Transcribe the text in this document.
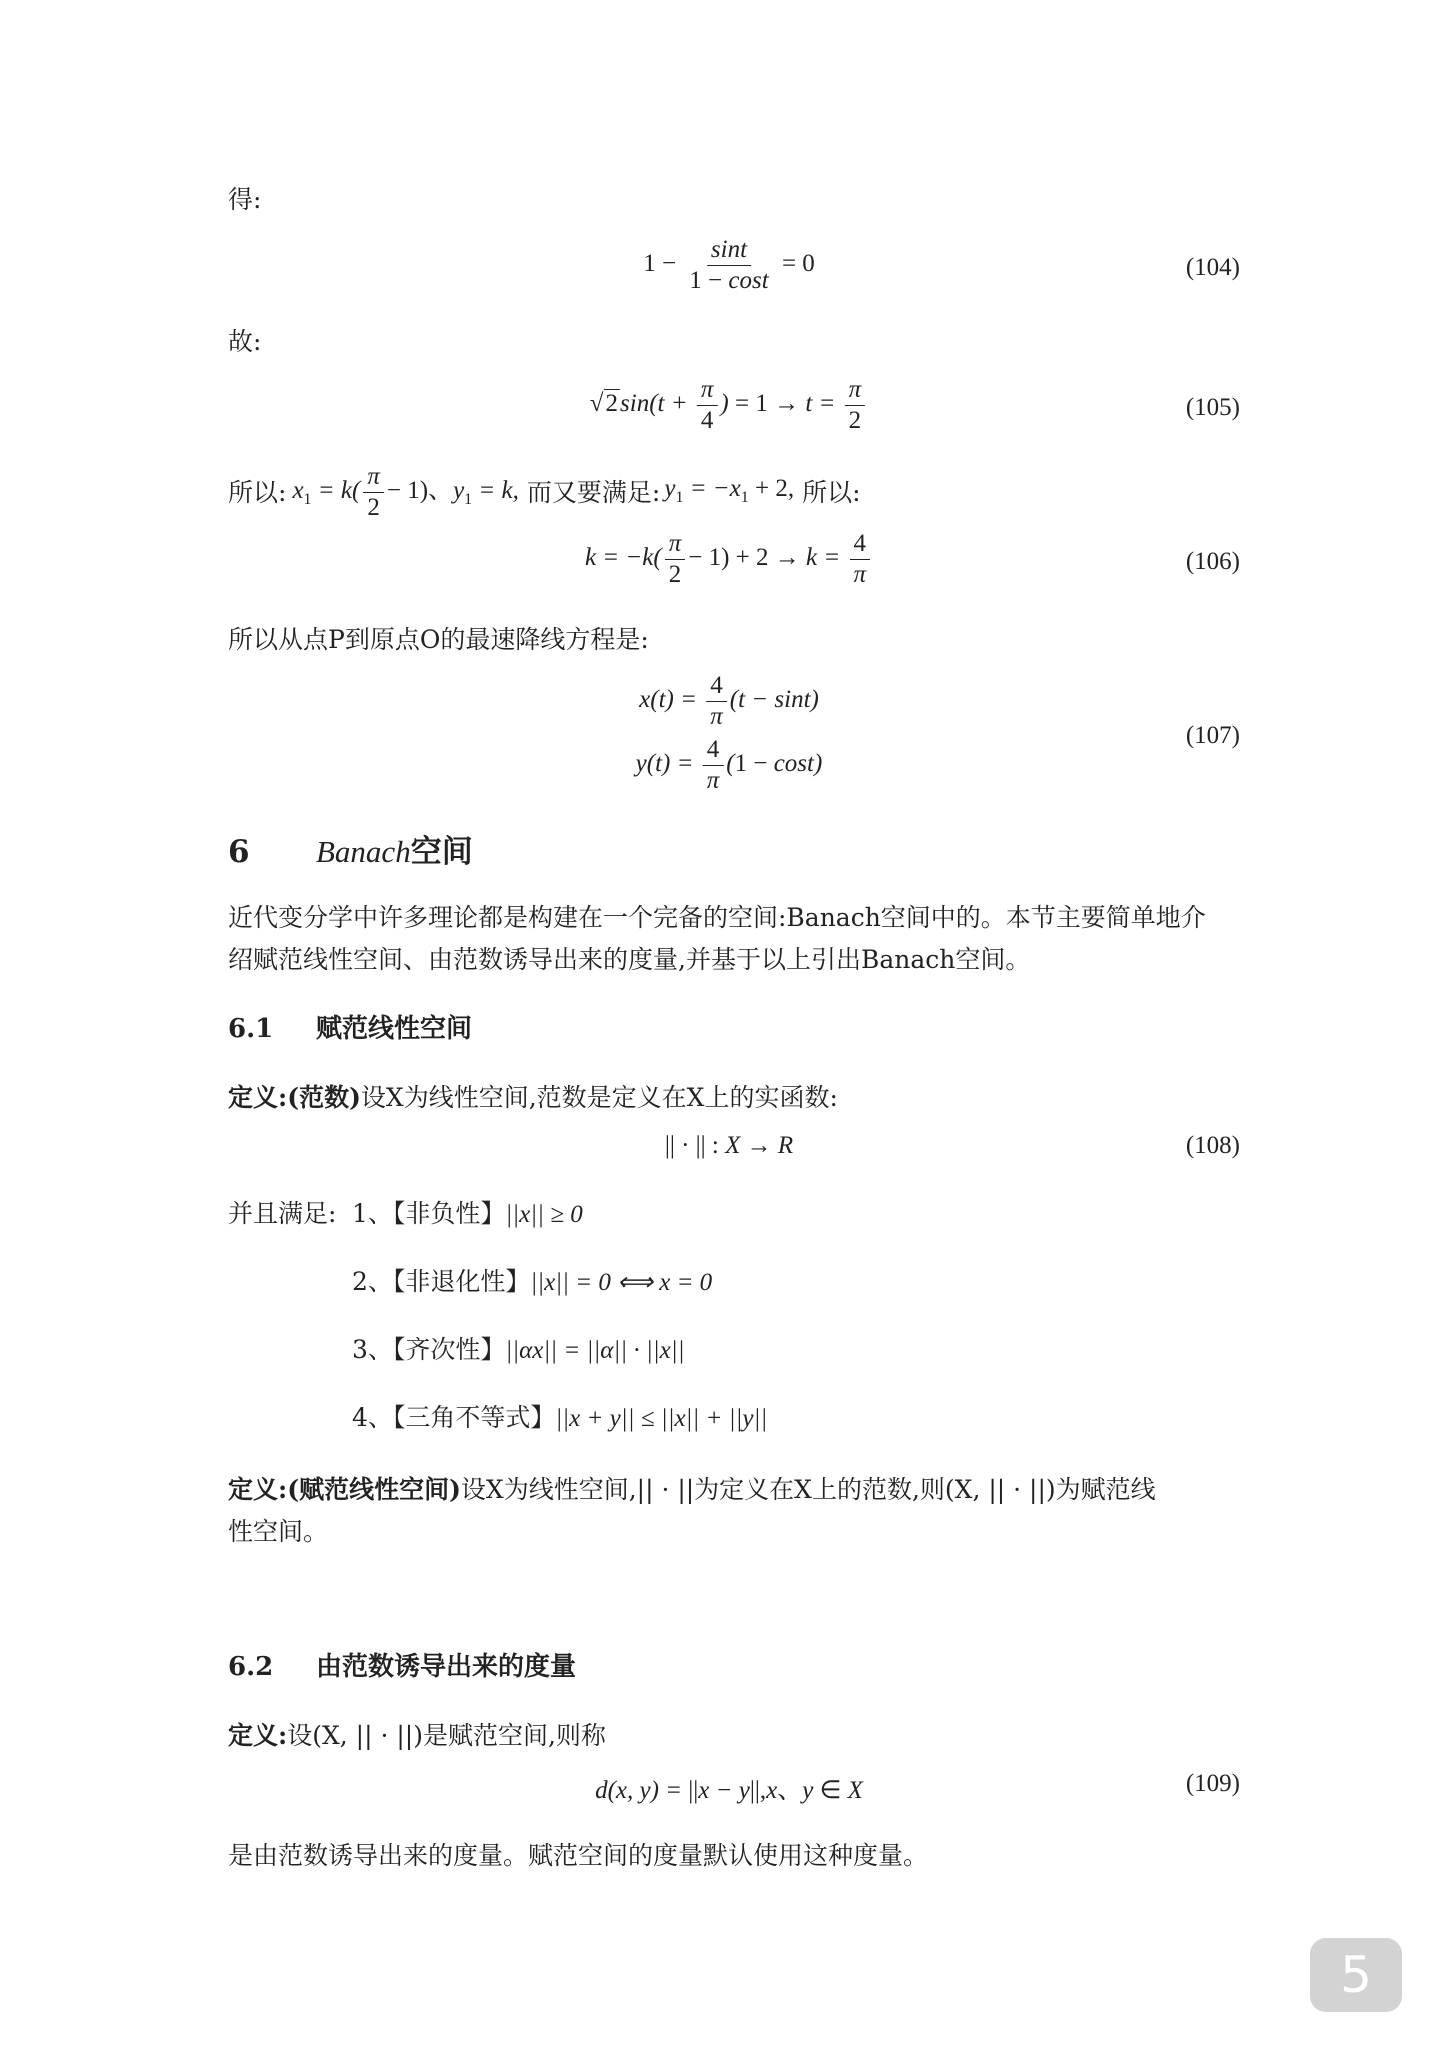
得:
$1 - \frac{\sin t}{1 - \cos t} = 0$	(104)
故:
$√2\sin(t + \frac{\pi}{4}$ ) = $1 \to t = \frac{\pi}{2}$	(105)
所以: $x_1 = k( \frac{\pi}{2} - 1)$、$y_1 = k$, 而又要满足: $y_1 = -x_1 + 2$, 所以:
$k = -k( \frac{\pi}{2} - 1) + 2 \to k = \frac{4}{\pi}$	(106)
所以从点P到原点O的最速降线方程是:
$x(t) = \frac{4}{\pi} (t - \sin t)$
$y(t) = \frac{4}{\pi} (1 - \cos t)$
(107)
6 Banach空间
近代变分学中许多理论都是构建在一个完备的空间:Banach空间中的。本节主要简单地介
绍赋范线性空间、由范数诱导出来的度量,并基于以上引出Banach空间。
6.1 赋范线性空间
定义:(范数)设X为线性空间,范数是定义在X上的实函数:
|| · || : X → R	(108)
并且满足: 1、【非负性】||x|| ≥ 0
2、【非退化性】||x|| = 0 ⟺ x = 0
3、【齐次性】||αx|| = ||α|| · ||x||
4、【三角不等式】||x + y|| ≤ ||x|| + ||y||
定义:(赋范线性空间)设X为线性空间,|| · ||为定义在X上的范数,则(X, || · ||)为赋范线
性空间。
6.2 由范数诱导出来的度量
定义:设(X, || · ||)是赋范空间,则称
d(x, y) = ||x − y||,x、y ∈ X	(109)
是由范数诱导出来的度量。赋范空间的度量默认使用这种度量。
5
